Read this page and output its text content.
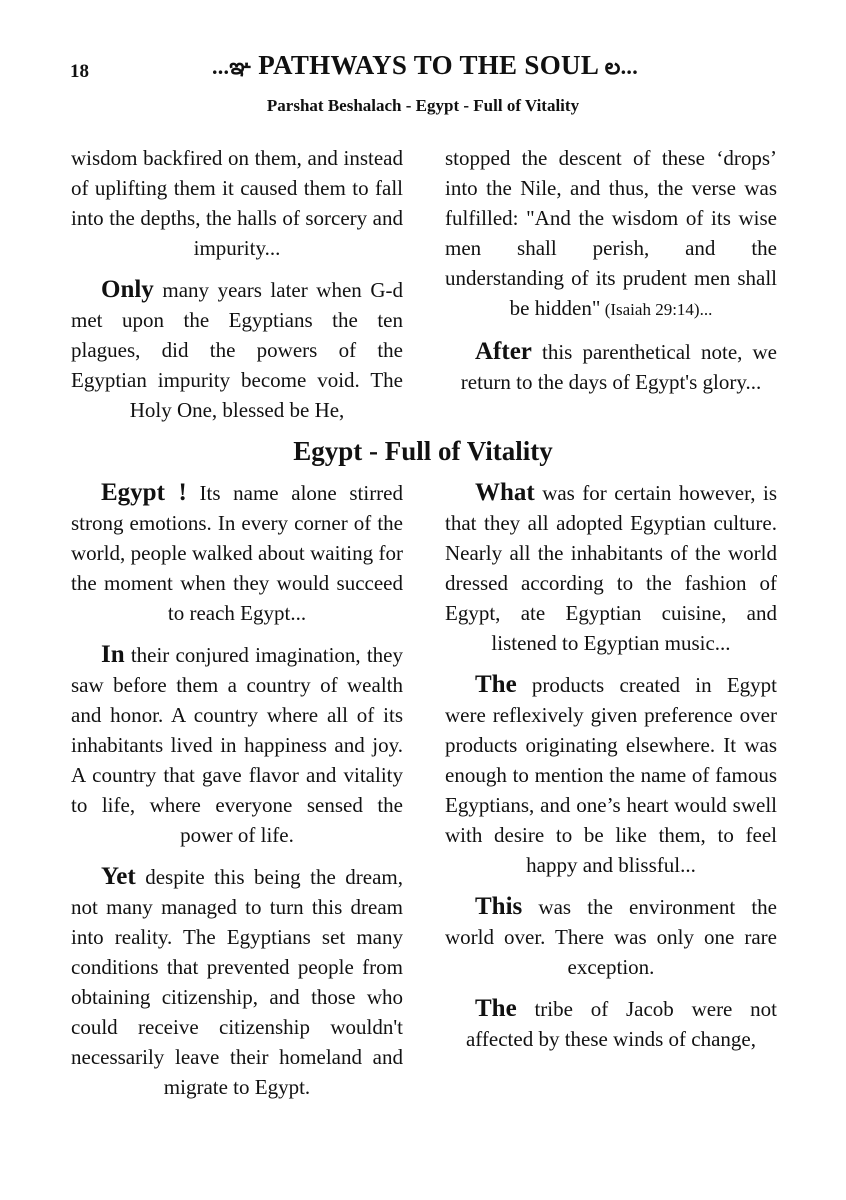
18	...ఞ PATHWAYS TO THE SOUL ల...
Parshat Beshalach - Egypt - Full of Vitality

wisdom backfired on them, and instead of uplifting them it caused them to fall into the depths, the halls of sorcery and impurity...

Only many years later when G-d met upon the Egyptians the ten plagues, did the powers of the Egyptian impurity become void. The Holy One, blessed be He,

stopped the descent of these ‘drops’ into the Nile, and thus, the verse was fulfilled: "And the wisdom of its wise men shall perish, and the understanding of its prudent men shall be hidden" (Isaiah 29:14)...

After this parenthetical note, we return to the days of Egypt's glory...

Egypt - Full of Vitality

Egypt ! Its name alone stirred strong emotions. In every corner of the world, people walked about waiting for the moment when they would succeed to reach Egypt...

In their conjured imagination, they saw before them a country of wealth and honor. A country where all of its inhabitants lived in happiness and joy. A country that gave flavor and vitality to life, where everyone sensed the power of life.

Yet despite this being the dream, not many managed to turn this dream into reality. The Egyptians set many conditions that prevented people from obtaining citizenship, and those who could receive citizenship wouldn't necessarily leave their homeland and migrate to Egypt.

What was for certain however, is that they all adopted Egyptian culture. Nearly all the inhabitants of the world dressed according to the fashion of Egypt, ate Egyptian cuisine, and listened to Egyptian music...

The products created in Egypt were reflexively given preference over products originating elsewhere. It was enough to mention the name of famous Egyptians, and one’s heart would swell with desire to be like them, to feel happy and blissful...

This was the environment the world over. There was only one rare exception.

The tribe of Jacob were not affected by these winds of change,
